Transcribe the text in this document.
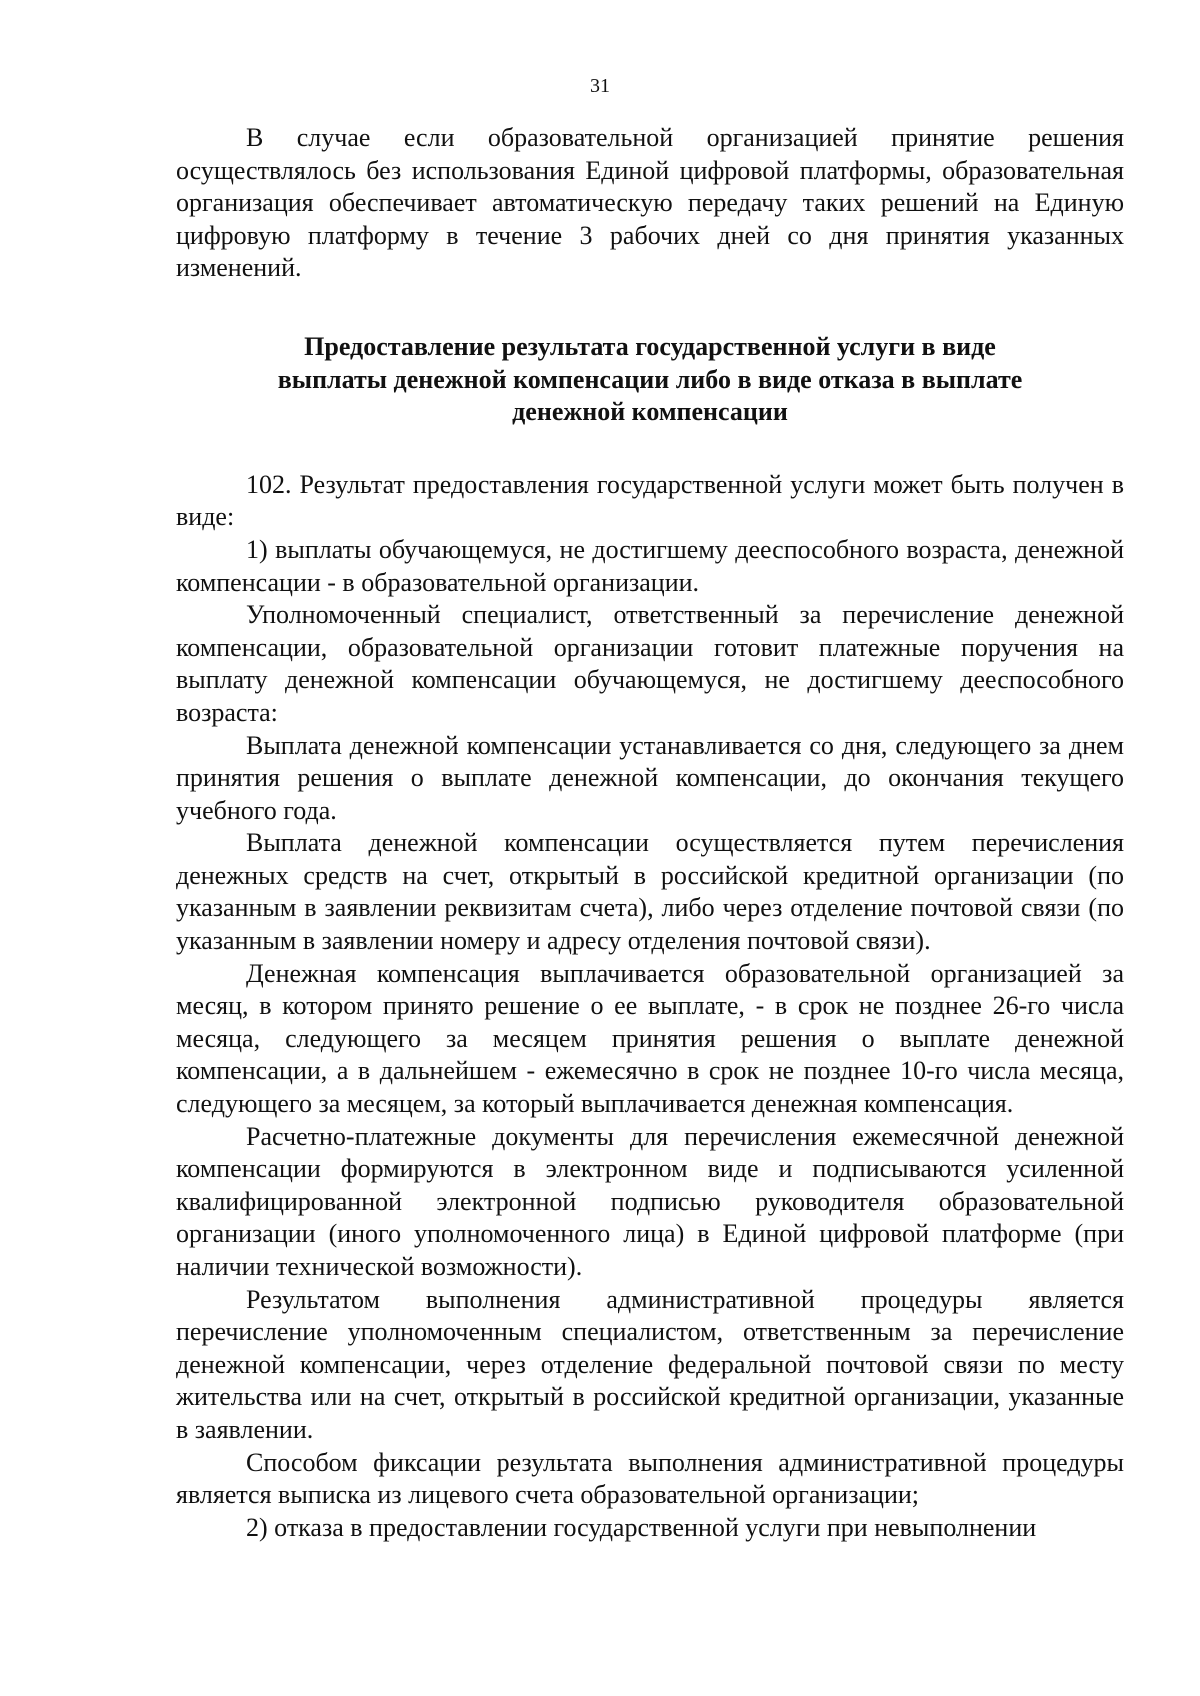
31

В случае если образовательной организацией принятие решения осуществлялось без использования Единой цифровой платформы, образовательная организация обеспечивает автоматическую передачу таких решений на Единую цифровую платформу в течение 3 рабочих дней со дня принятия указанных изменений.

Предоставление результата государственной услуги в виде
выплаты денежной компенсации либо в виде отказа в выплате
денежной компенсации

102. Результат предоставления государственной услуги может быть получен в виде:

1) выплаты обучающемуся, не достигшему дееспособного возраста, денежной компенсации - в образовательной организации.

Уполномоченный специалист, ответственный за перечисление денежной компенсации, образовательной организации готовит платежные поручения на выплату денежной компенсации обучающемуся, не достигшему дееспособного возраста:

Выплата денежной компенсации устанавливается со дня, следующего за днем принятия решения о выплате денежной компенсации, до окончания текущего учебного года.

Выплата денежной компенсации осуществляется путем перечисления денежных средств на счет, открытый в российской кредитной организации (по указанным в заявлении реквизитам счета), либо через отделение почтовой связи (по указанным в заявлении номеру и адресу отделения почтовой связи).

Денежная компенсация выплачивается образовательной организацией за месяц, в котором принято решение о ее выплате, - в срок не позднее 26-го числа месяца, следующего за месяцем принятия решения о выплате денежной компенсации, а в дальнейшем - ежемесячно в срок не позднее 10-го числа месяца, следующего за месяцем, за который выплачивается денежная компенсация.

Расчетно-платежные документы для перечисления ежемесячной денежной компенсации формируются в электронном виде и подписываются усиленной квалифицированной электронной подписью руководителя образовательной организации (иного уполномоченного лица) в Единой цифровой платформе (при наличии технической возможности).

Результатом выполнения административной процедуры является перечисление уполномоченным специалистом, ответственным за перечисление денежной компенсации, через отделение федеральной почтовой связи по месту жительства или на счет, открытый в российской кредитной организации, указанные в заявлении.

Способом фиксации результата выполнения административной процедуры является выписка из лицевого счета образовательной организации;

2) отказа в предоставлении государственной услуги при невыполнении
